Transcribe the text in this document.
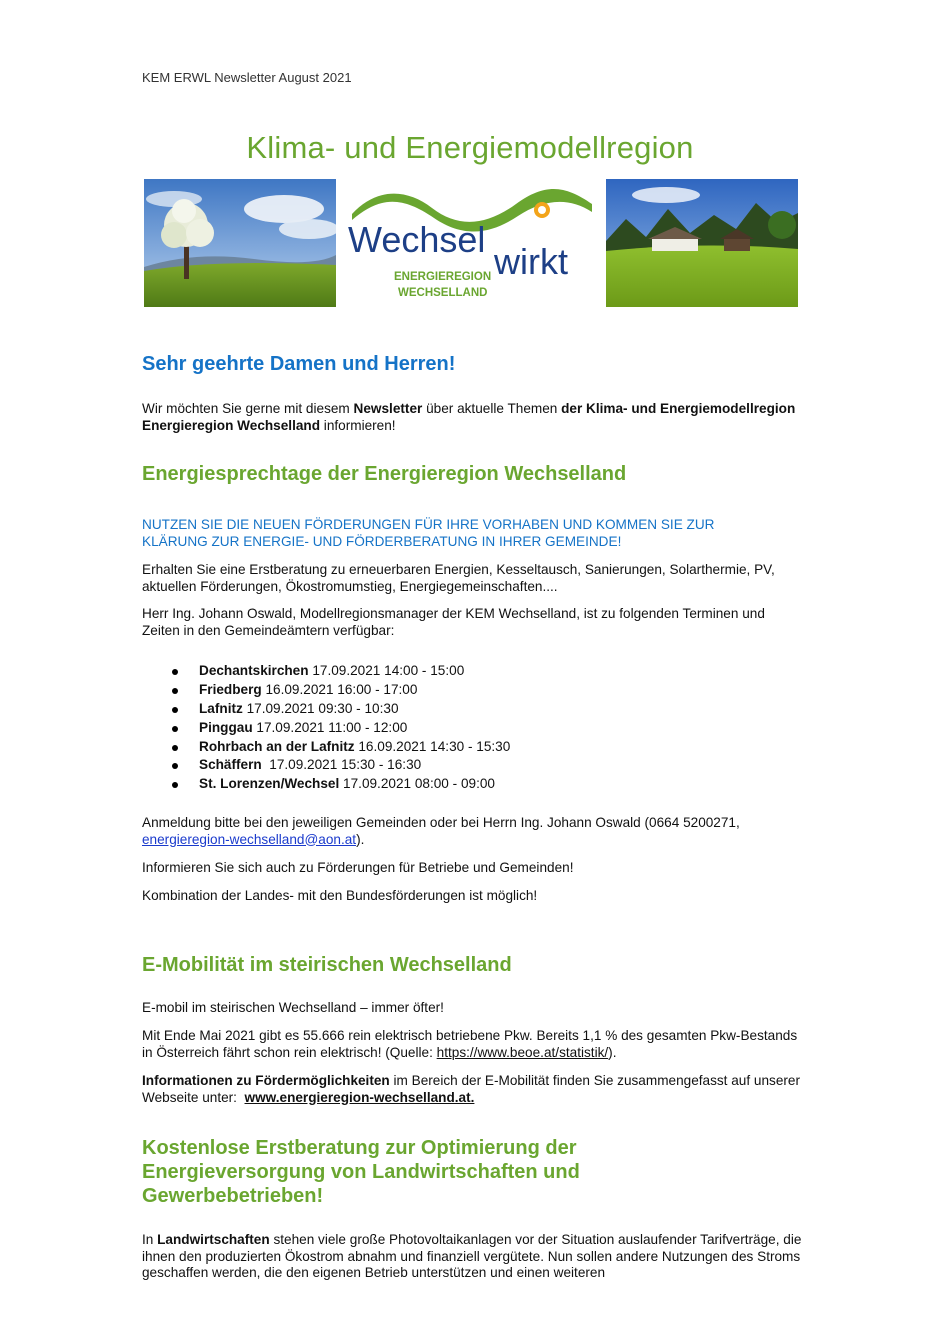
KEM ERWL Newsletter August 2021
Klima- und Energiemodellregion
Wechsel
wirkt
ENERGIEREGION
WECHSELLAND
Sehr geehrte Damen und Herren!
Wir möchten Sie gerne mit diesem Newsletter über aktuelle Themen der Klima- und Energiemodellregion Energieregion Wechselland informieren!
Energiesprechtage der Energieregion Wechselland
NUTZEN SIE DIE NEUEN FÖRDERUNGEN FÜR IHRE VORHABEN UND KOMMEN SIE ZUR
KLÄRUNG ZUR ENERGIE- UND FÖRDERBERATUNG IN IHRER GEMEINDE!
Erhalten Sie eine Erstberatung zu erneuerbaren Energien, Kesseltausch, Sanierungen, Solarthermie, PV, aktuellen Förderungen, Ökostromumstieg, Energiegemeinschaften....
Herr Ing. Johann Oswald, Modellregionsmanager der KEM Wechselland, ist zu folgenden Terminen und Zeiten in den Gemeindeämtern verfügbar:
Dechantskirchen 17.09.2021 14:00 - 15:00
Friedberg 16.09.2021 16:00 - 17:00
Lafnitz 17.09.2021 09:30 - 10:30
Pinggau 17.09.2021 11:00 - 12:00
Rohrbach an der Lafnitz 16.09.2021 14:30 - 15:30
Schäffern  17.09.2021 15:30 - 16:30
St. Lorenzen/Wechsel 17.09.2021 08:00 - 09:00
Anmeldung bitte bei den jeweiligen Gemeinden oder bei Herrn Ing. Johann Oswald (0664 5200271,
energieregion-wechselland@aon.at).
Informieren Sie sich auch zu Förderungen für Betriebe und Gemeinden!
Kombination der Landes- mit den Bundesförderungen ist möglich!
E-Mobilität im steirischen Wechselland
E-mobil im steirischen Wechselland – immer öfter!
Mit Ende Mai 2021 gibt es 55.666 rein elektrisch betriebene Pkw. Bereits 1,1 % des gesamten Pkw-Bestands in Österreich fährt schon rein elektrisch! (Quelle: https://www.beoe.at/statistik/).
Informationen zu Fördermöglichkeiten im Bereich der E-Mobilität finden Sie zusammengefasst auf unserer Webseite unter:  www.energieregion-wechselland.at.
Kostenlose Erstberatung zur Optimierung der
Energieversorgung von Landwirtschaften und
Gewerbebetrieben!
In Landwirtschaften stehen viele große Photovoltaikanlagen vor der Situation auslaufender Tarifverträge, die ihnen den produzierten Ökostrom abnahm und finanziell vergütete. Nun sollen andere Nutzungen des Stroms geschaffen werden, die den eigenen Betrieb unterstützen und einen weiteren
